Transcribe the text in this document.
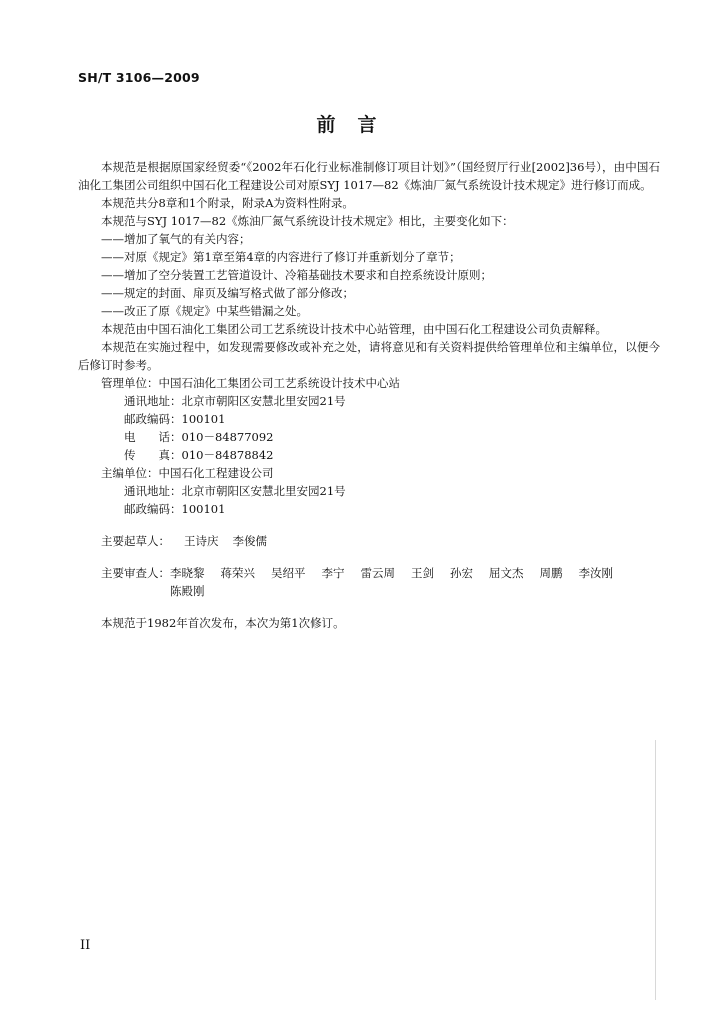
SH/T 3106—2009
前言

本规范是根据原国家经贸委“《2002年石化行业标准制修订项目计划》”（国经贸厅行业[2002]36号），由中国石油化工集团公司组织中国石化工程建设公司对原SYJ 1017—82《炼油厂氮气系统设计技术规定》进行修订而成。

本规范共分8章和1个附录，附录A为资料性附录。

本规范与SYJ 1017—82《炼油厂氮气系统设计技术规定》相比，主要变化如下：

——增加了氧气的有关内容；

——对原《规定》第1章至第4章的内容进行了修订并重新划分了章节；

——增加了空分装置工艺管道设计、冷箱基础技术要求和自控系统设计原则；

——规定的封面、扉页及编写格式做了部分修改；

——改正了原《规定》中某些错漏之处。

本规范由中国石油化工集团公司工艺系统设计技术中心站管理，由中国石化工程建设公司负责解释。

本规范在实施过程中，如发现需要修改或补充之处，请将意见和有关资料提供给管理单位和主编单位，以便今后修订时参考。

管理单位： 中国石油化工集团公司工艺系统设计技术中心站
通讯地址： 北京市朝阳区安慧北里安园21号
邮政编码： 100101
电　　话： 010－84877092
传　　真： 010－84878842
主编单位： 中国石化工程建设公司
通讯地址： 北京市朝阳区安慧北里安园21号
邮政编码： 100101
主要起草人： 王诗庆 李俊儒
主要审查人： 李晓黎 蒋荣兴 吴绍平 李宁 雷云周 王剑 孙宏 屈文杰 周鹏 李汝刚
陈殿刚

本规范于1982年首次发布，本次为第1次修订。

II
